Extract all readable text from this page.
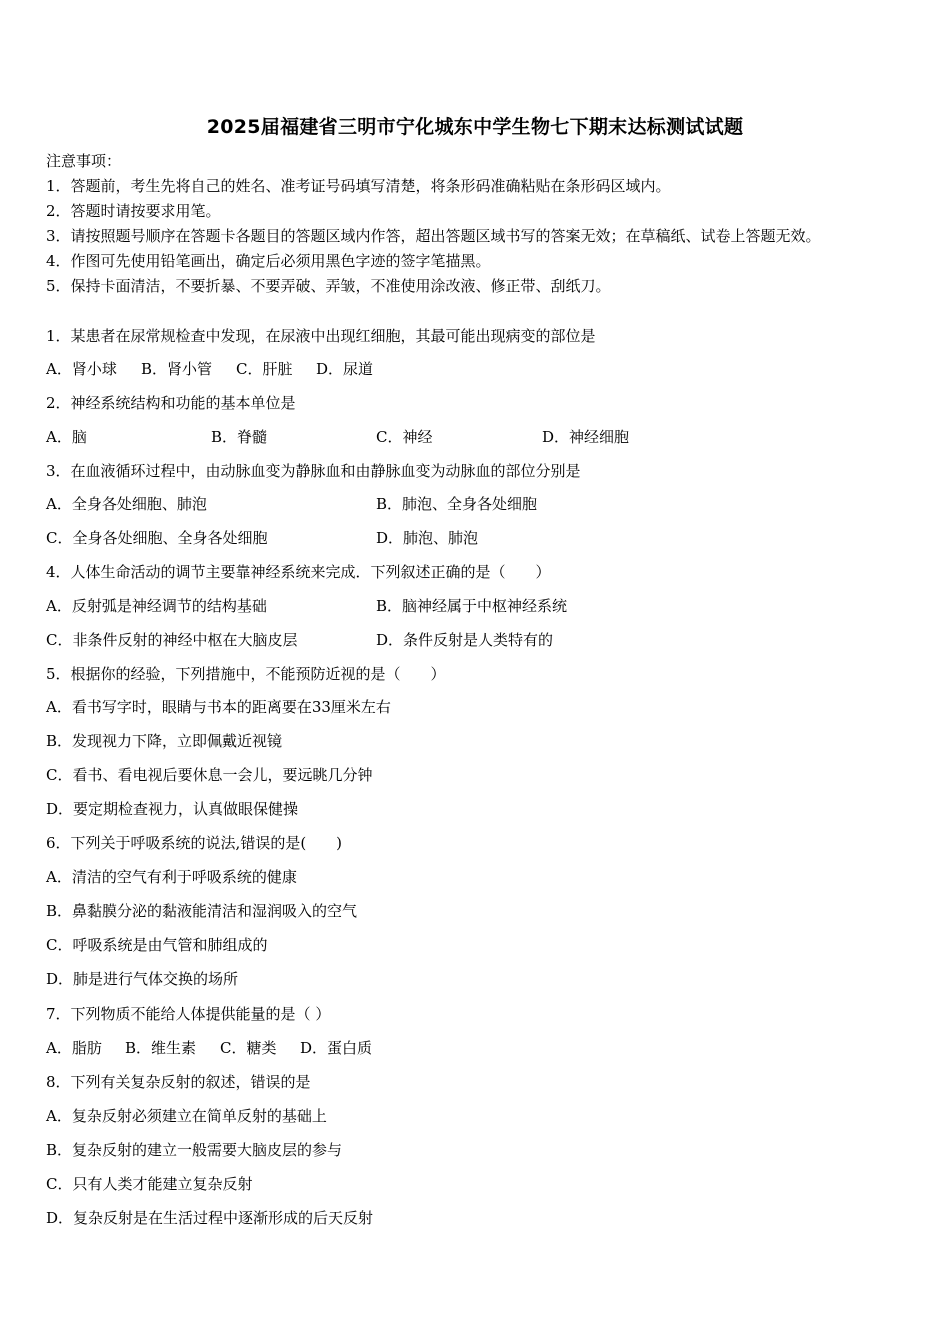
2025届福建省三明市宁化城东中学生物七下期末达标测试试题
注意事项：
1．答题前，考生先将自己的姓名、准考证号码填写清楚，将条形码准确粘贴在条形码区域内。
2．答题时请按要求用笔。
3．请按照题号顺序在答题卡各题目的答题区域内作答，超出答题区域书写的答案无效；在草稿纸、试卷上答题无效。
4．作图可先使用铅笔画出，确定后必须用黑色字迹的签字笔描黑。
5．保持卡面清洁，不要折暴、不要弄破、弄皱，不准使用涂改液、修正带、刮纸刀。
1．某患者在尿常规检查中发现，在尿液中出现红细胞，其最可能出现病变的部位是
A．肾小球 B．肾小管 C．肝脏 D．尿道
2．神经系统结构和功能的基本单位是
A．脑	B．脊髓	C．神经	D．神经细胞
3．在血液循环过程中，由动脉血变为静脉血和由静脉血变为动脉血的部位分别是
A．全身各处细胞、肺泡	B．肺泡、全身各处细胞
C．全身各处细胞、全身各处细胞	D．肺泡、肺泡
4．人体生命活动的调节主要靠神经系统来完成．下列叙述正确的是（　　）
A．反射弧是神经调节的结构基础	B．脑神经属于中枢神经系统
C．非条件反射的神经中枢在大脑皮层	D．条件反射是人类特有的
5．根据你的经验，下列措施中，不能预防近视的是（　　）
A．看书写字时，眼睛与书本的距离要在33厘米左右
B．发现视力下降，立即佩戴近视镜
C．看书、看电视后要休息一会儿，要远眺几分钟
D．要定期检查视力，认真做眼保健操
6．下列关于呼吸系统的说法,错误的是(　　)
A．清洁的空气有利于呼吸系统的健康
B．鼻黏膜分泌的黏液能清洁和湿润吸入的空气
C．呼吸系统是由气管和肺组成的
D．肺是进行气体交换的场所
7．下列物质不能给人体提供能量的是（ ）
A．脂肪 B．维生素 C．糖类 D．蛋白质
8．下列有关复杂反射的叙述，错误的是
A．复杂反射必须建立在简单反射的基础上
B．复杂反射的建立一般需要大脑皮层的参与
C．只有人类才能建立复杂反射
D．复杂反射是在生活过程中逐渐形成的后天反射
